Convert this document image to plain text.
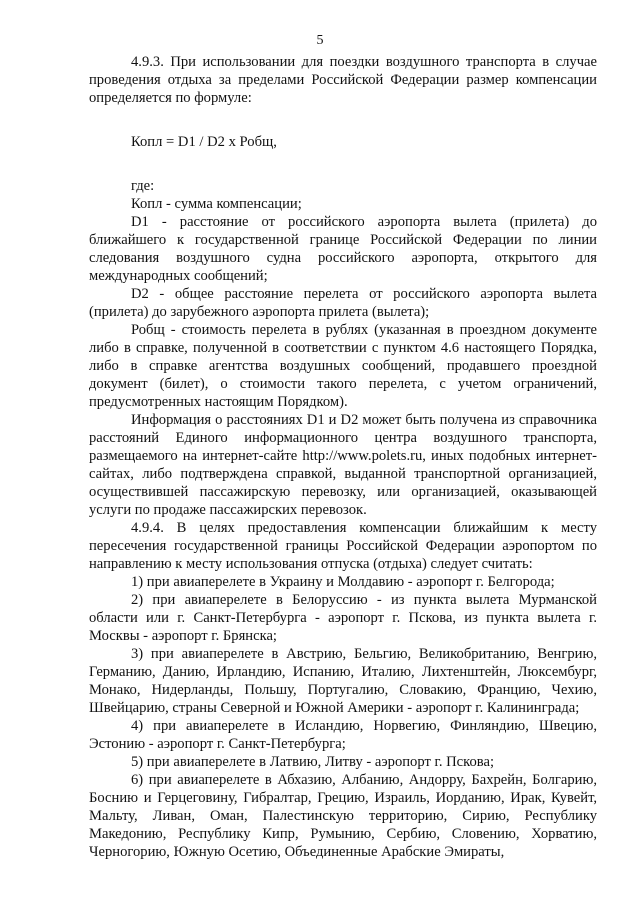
5

4.9.3. При использовании для поездки воздушного транспорта в случае проведения отдыха за пределами Российской Федерации размер компенсации определяется по формуле:

Копл = D1 / D2 х Робщ,

где:

Копл - сумма компенсации;

D1 - расстояние от российского аэропорта вылета (прилета) до ближайшего к государственной границе Российской Федерации по линии следования воздушного судна российского аэропорта, открытого для международных сообщений;

D2 - общее расстояние перелета от российского аэропорта вылета (прилета) до зарубежного аэропорта прилета (вылета);

Робщ - стоимость перелета в рублях (указанная в проездном документе либо в справке, полученной в соответствии с пунктом 4.6 настоящего Порядка, либо в справке агентства воздушных сообщений, продавшего проездной документ (билет), о стоимости такого перелета, с учетом ограничений, предусмотренных настоящим Порядком).

Информация о расстояниях D1 и D2 может быть получена из справочника расстояний Единого информационного центра воздушного транспорта, размещаемого на интернет-сайте http://www.polets.ru, иных подобных интернет-сайтах, либо подтверждена справкой, выданной транспортной организацией, осуществившей пассажирскую перевозку, или организацией, оказывающей услуги по продаже пассажирских перевозок.

4.9.4. В целях предоставления компенсации ближайшим к месту пересечения государственной границы Российской Федерации аэропортом по направлению к месту использования отпуска (отдыха) следует считать:

1) при авиаперелете в Украину и Молдавию - аэропорт г. Белгорода;

2) при авиаперелете в Белоруссию - из пункта вылета Мурманской области или г. Санкт-Петербурга - аэропорт г. Пскова, из пункта вылета г. Москвы - аэропорт г. Брянска;

3) при авиаперелете в Австрию, Бельгию, Великобританию, Венгрию, Германию, Данию, Ирландию, Испанию, Италию, Лихтенштейн, Люксембург, Монако, Нидерланды, Польшу, Португалию, Словакию, Францию, Чехию, Швейцарию, страны Северной и Южной Америки - аэропорт г. Калининграда;

4) при авиаперелете в Исландию, Норвегию, Финляндию, Швецию, Эстонию - аэропорт г. Санкт-Петербурга;

5) при авиаперелете в Латвию, Литву - аэропорт г. Пскова;

6) при авиаперелете в Абхазию, Албанию, Андорру, Бахрейн, Болгарию, Боснию и Герцеговину, Гибралтар, Грецию, Израиль, Иорданию, Ирак, Кувейт, Мальту, Ливан, Оман, Палестинскую территорию, Сирию, Республику Македонию, Республику Кипр, Румынию, Сербию, Словению, Хорватию, Черногорию, Южную Осетию, Объединенные Арабские Эмираты,
